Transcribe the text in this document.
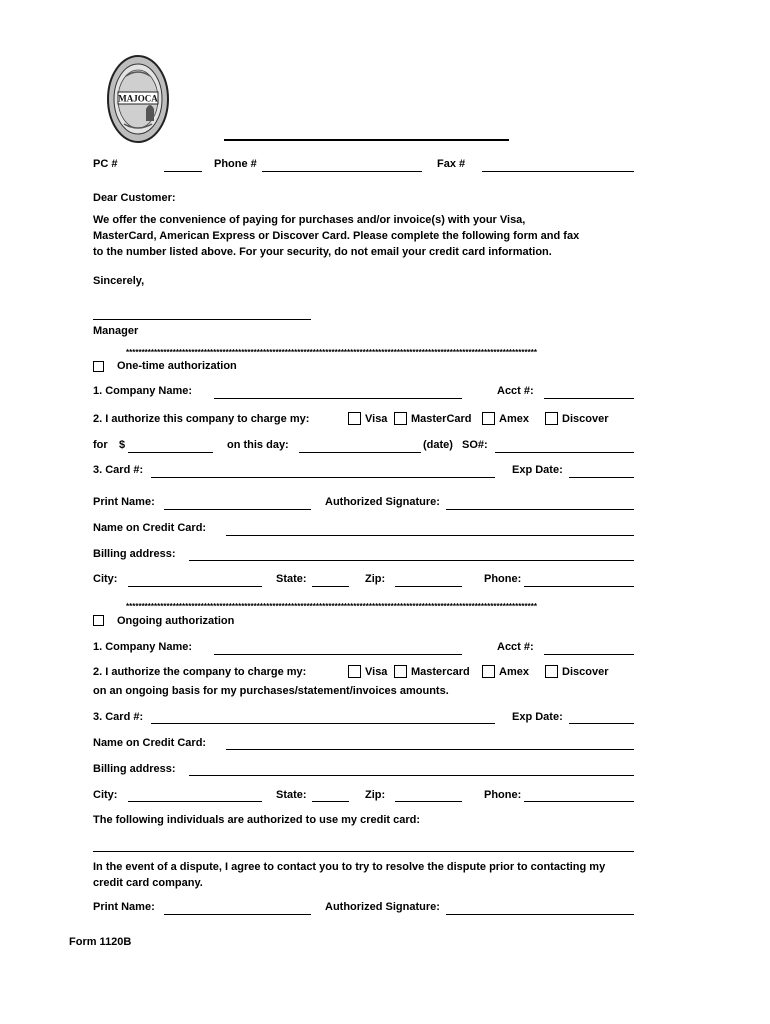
MAJOCA
PC #	Phone #	Fax #
Dear Customer:
We offer the convenience of paying for purchases and/or invoice(s) with your Visa,
MasterCard, American Express or Discover Card. Please complete the following form and fax
to the number listed above. For your security, do not email your credit card information.
Sincerely,
Manager
************************************************************************************************************************************
One-time authorization
1. Company Name:	Acct #:
2. I authorize this company to charge my:	Visa MasterCard Amex	Discover
for $	on this day:	(date) SO#:
3. Card #:	Exp Date:
Print Name:	Authorized Signature:
Name on Credit Card:
Billing address:
City:	State:	Zip:	Phone:
************************************************************************************************************************************
Ongoing authorization
1. Company Name:	Acct #:
2. I authorize the company to charge my:	Visa Mastercard	Amex	Discover
on an ongoing basis for my purchases/statement/invoices amounts.
3. Card #:	Exp Date:
Name on Credit Card:
Billing address:
City:	State:	Zip:	Phone:
The following individuals are authorized to use my credit card:
In the event of a dispute, I agree to contact you to try to resolve the dispute prior to contacting my
credit card company.
Print Name:	Authorized Signature:
Form 1120B
